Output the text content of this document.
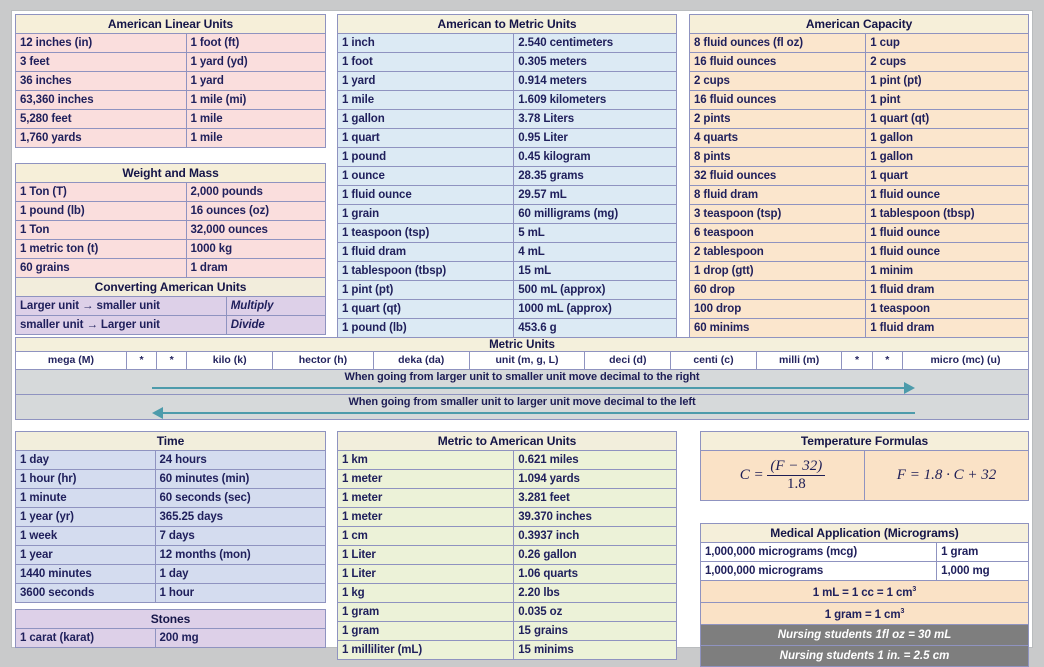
American Linear Units	
12 inches (in)	1 foot (ft)
3 feet	1 yard (yd)
36 inches	1 yard
63,360 inches	1 mile (mi)
5,280 feet	1 mile
1,760 yards	1 mile
Weight and Mass	
1 Ton (T)	2,000 pounds
1 pound (lb)	16 ounces (oz)
1 Ton	32,000 ounces
1 metric ton (t)	1000 kg
60 grains	1 dram
Converting American Units	
Larger unit → smaller unit	Multiply
smaller unit → Larger unit	Divide
American to Metric Units	
1 inch	2.540 centimeters
1 foot	0.305 meters
1 yard	0.914 meters
1 mile	1.609 kilometers
1 gallon	3.78 Liters
1 quart	0.95 Liter
1 pound	0.45 kilogram
1 ounce	28.35 grams
1 fluid ounce	29.57 mL
1 grain	60 milligrams (mg)
1 teaspoon (tsp)	5 mL
1 fluid dram	4 mL
1 tablespoon (tbsp)	15 mL
1 pint (pt)	500 mL (approx)
1 quart (qt)	1000 mL (approx)
1 pound (lb)	453.6 g
American Capacity	
8 fluid ounces (fl oz)	1 cup
16 fluid ounces	2 cups
2 cups	1 pint (pt)
16 fluid ounces	1 pint
2 pints	1 quart (qt)
4 quarts	1 gallon
8 pints	1 gallon
32 fluid ounces	1 quart
8 fluid dram	1 fluid ounce
3 teaspoon (tsp)	1 tablespoon (tbsp)
6 teaspoon	1 fluid ounce
2 tablespoon	1 fluid ounce
1 drop (gtt)	1 minim
60 drop	1 fluid dram
100 drop	1 teaspoon
60 minims	1 fluid dram
Metric Units
mega (M)	*	*	kilo (k)	hector (h)	deka (da)	unit (m, g, L)	deci (d)	centi (c)	milli (m)	*	*	micro (mc) (u)
When going from larger unit to smaller unit move decimal to the right
When going from smaller unit to larger unit move decimal to the left
Time	
1 day	24 hours
1 hour (hr)	60 minutes (min)
1 minute	60 seconds (sec)
1 year (yr)	365.25 days
1 week	7 days
1 year	12 months (mon)
1440 minutes	1 day
3600 seconds	1 hour
Stones
1 carat (karat)	200 mg
Metric to American Units	
1 km	0.621 miles
1 meter	1.094 yards
1 meter	3.281 feet
1 meter	39.370 inches
1 cm	0.3937 inch
1 Liter	0.26 gallon
1 Liter	1.06 quarts
1 kg	2.20 lbs
1 gram	0.035 oz
1 gram	15 grains
1 milliliter (mL)	15 minims
Temperature Formulas
$C = \frac{(F - 32)}{1.8}$	F = 1.8 · C + 32
Medical Application (Micrograms)	
1,000,000 micrograms (mcg)	1 gram
1,000,000 micrograms	1,000 mg
1 mL = 1 cc = 1 $cm^3$
1 gram = 1 $cm^3$
Nursing students 1fl oz = 30 mL	
Nursing students 1 in. = 2.5 cm	
